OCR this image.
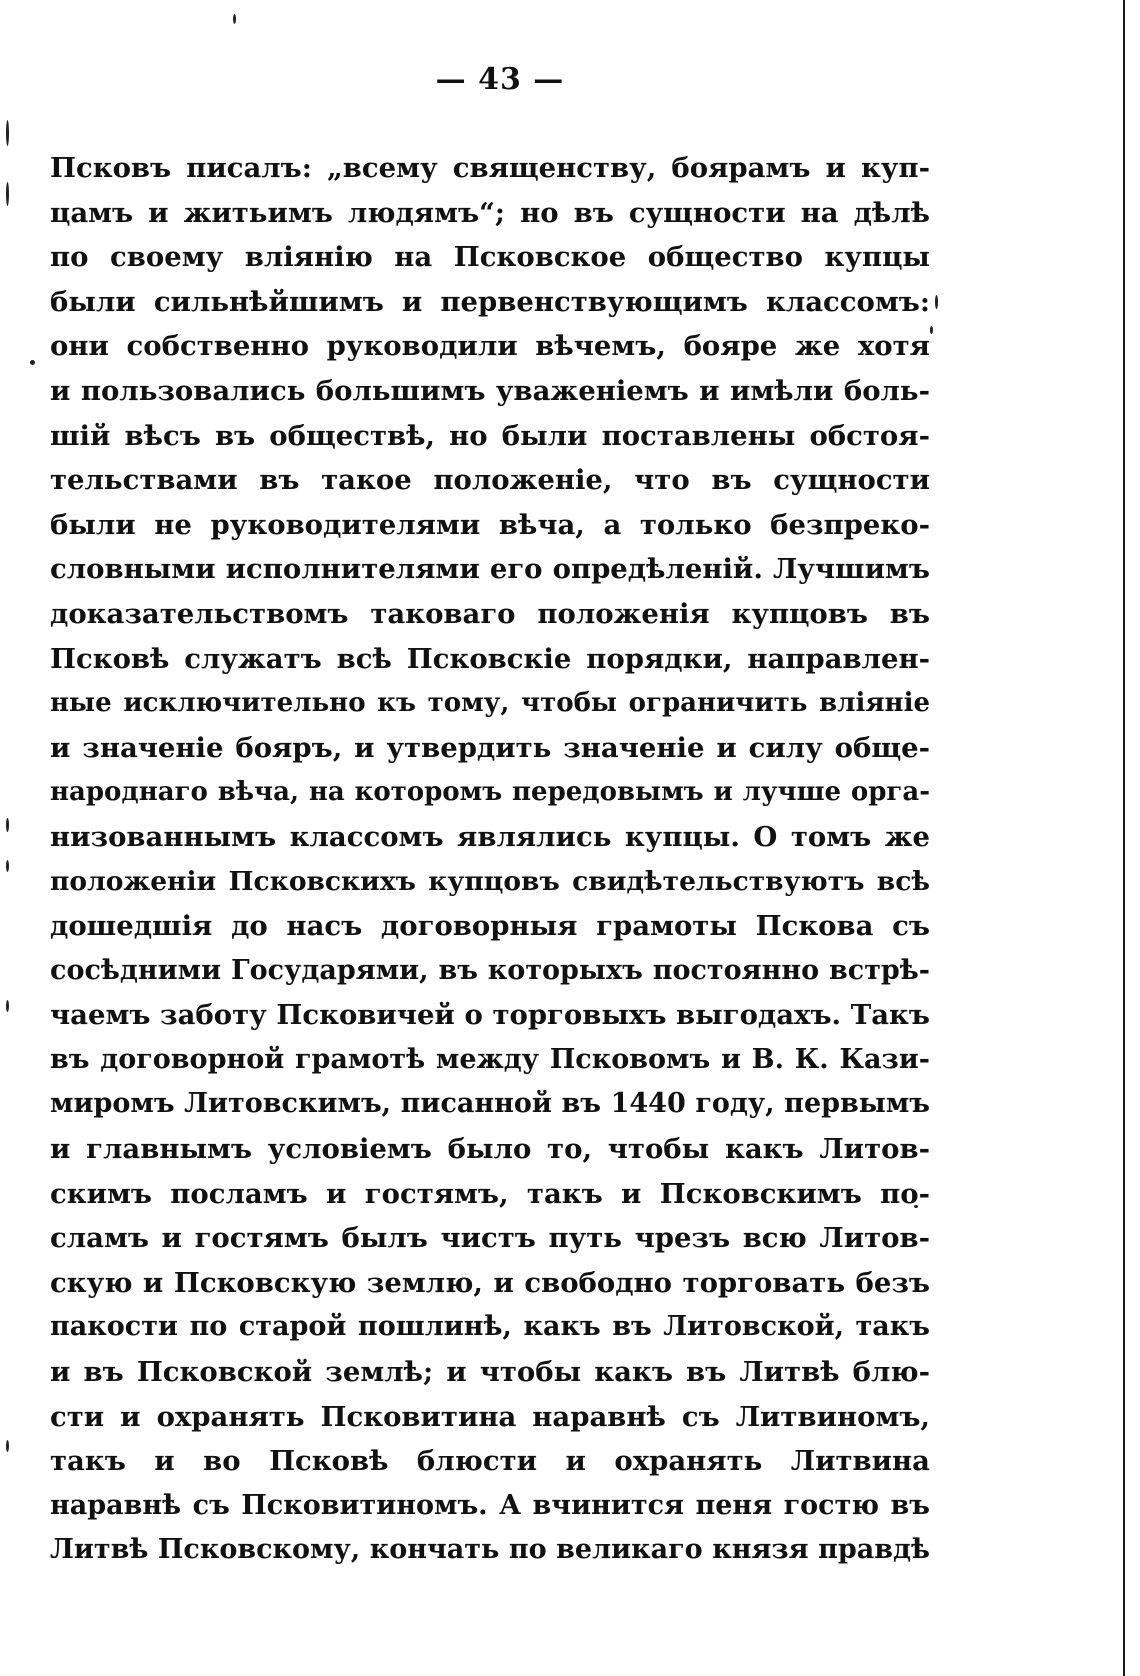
— 43 —
Псковъ писалъ: „всему священству, боярамъ и куп-
цамъ и житьимъ людямъ“; но въ сущности на дѣлѣ
по своему вліянію на Псковское общество купцы
были сильнѣйшимъ и первенствующимъ классомъ:
они собственно руководили вѣчемъ, бояре же хотя
и пользовались большимъ уваженіемъ и имѣли боль-
шій вѣсъ въ обществѣ, но были поставлены обстоя-
тельствами въ такое положеніе, что въ сущности
были не руководителями вѣча, а только безпреко-
словными исполнителями его опредѣленій. Лучшимъ
доказательствомъ таковаго положенія купцовъ въ
Псковѣ служатъ всѣ Псковскіе порядки, направлен-
ные исключительно къ тому, чтобы ограничить вліяніе
и значеніе бояръ, и утвердить значеніе и силу обще-
народнаго вѣча, на которомъ передовымъ и лучше орга-
низованнымъ классомъ являлись купцы. О томъ же
положеніи Псковскихъ купцовъ свидѣтельствуютъ всѣ
дошедшія до насъ договорныя грамоты Пскова съ
сосѣдними Государями, въ которыхъ постоянно встрѣ-
чаемъ заботу Псковичей о торговыхъ выгодахъ. Такъ
въ договорной грамотѣ между Псковомъ и В. К. Кази-
миромъ Литовскимъ, писанной въ 1440 году, первымъ
и главнымъ условіемъ было то, чтобы какъ Литов-
скимъ посламъ и гостямъ, такъ и Псковскимъ по-
сламъ и гостямъ былъ чистъ путь чрезъ всю Литов-
скую и Псковскую землю, и свободно торговать безъ
пакости по старой пошлинѣ, какъ въ Литовской, такъ
и въ Псковской землѣ; и чтобы какъ въ Литвѣ блю-
сти и охранять Псковитина наравнѣ съ Литвиномъ,
такъ и во Псковѣ блюсти и охранять Литвина
наравнѣ съ Псковитиномъ. А вчинится пеня гостю въ
Литвѣ Псковскому, кончать по великаго князя правдѣ
